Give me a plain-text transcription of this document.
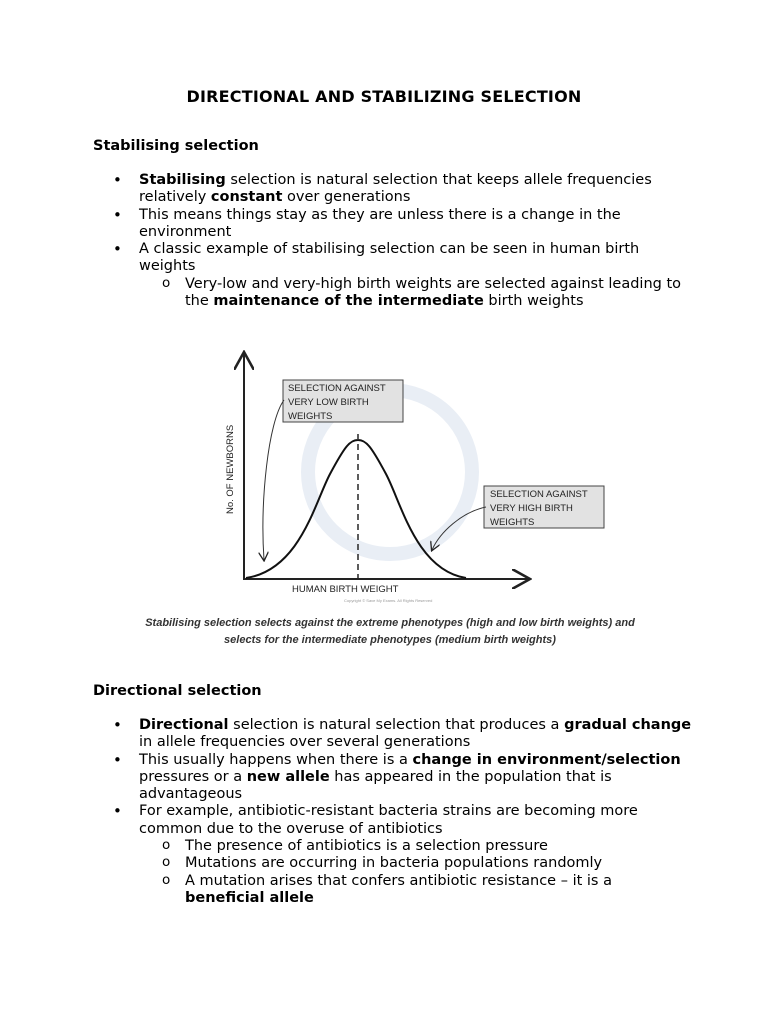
DIRECTIONAL AND STABILIZING SELECTION
Stabilising selection
• Stabilising selection is natural selection that keeps allele frequencies relatively constant over generations
• This means things stay as they are unless there is a change in the environment
• A classic example of stabilising selection can be seen in human birth weights
o Very-low and very-high birth weights are selected against leading to the maintenance of the intermediate birth weights
SELECTION AGAINST
VERY LOW BIRTH
WEIGHTS
SELECTION AGAINST
VERY HIGH BIRTH
WEIGHTS
No. OF NEWBORNS
HUMAN BIRTH WEIGHT
Copyright © Save My Exams. All Rights Reserved
Stabilising selection selects against the extreme phenotypes (high and low birth weights) and
selects for the intermediate phenotypes (medium birth weights)
Directional selection
• Directional selection is natural selection that produces a gradual change in allele frequencies over several generations
• This usually happens when there is a change in environment/selection pressures or a new allele has appeared in the population that is advantageous
• For example, antibiotic-resistant bacteria strains are becoming more common due to the overuse of antibiotics
o The presence of antibiotics is a selection pressure
o Mutations are occurring in bacteria populations randomly
o A mutation arises that confers antibiotic resistance – it is a beneficial allele
